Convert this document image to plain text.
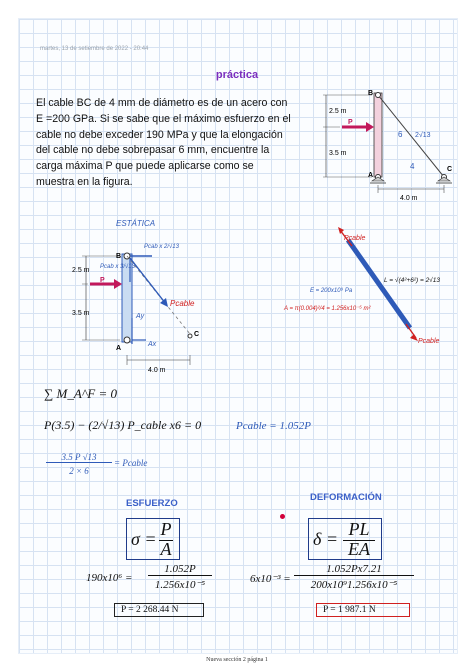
martes, 13 de setiembre de 2022 - 20:44
práctica
El cable BC de 4 mm de diámetro es de un acero con
E =200 GPa. Si se sabe que el máximo esfuerzo en el
cable no debe exceder 190 MPa y que la elongación
del cable no debe sobrepasar 6 mm, encuentre la
carga máxima P que puede aplicarse como se
muestra en la figura.
2.5 m
3.5 m
4.0 m
B
A
C
P
6
4
2√13
ESTÁTICA
2.5 m
3.5 m
4.0 m
B
A
C
P
Pcab x 2/√13
Pcab x 3/√13
Ax
Ay
Pcable
Pcable
Pcable
L = √(4²+6²) = 2√13
E = 200x10⁹ Pa
A = π(0.004)²/4 = 1.256x10⁻⁵ m²
∑ M_A^F = 0
P(3.5) − (2/√13) P_cable x6 = 0	Pcable = 1.052P
3.5 P √13
2 × 6
= Pcable
ESFUERZO
σ = P
A
190x10⁶ =
1.052P
1.256x10⁻⁵
P = 2 268.44 N
DEFORMACIÓN
δ = PL
EA
6x10⁻³ =
1.052Px7.21
200x10⁹1.256x10⁻⁵
P = 1 987.1 N
Nueva sección 2 página 1
